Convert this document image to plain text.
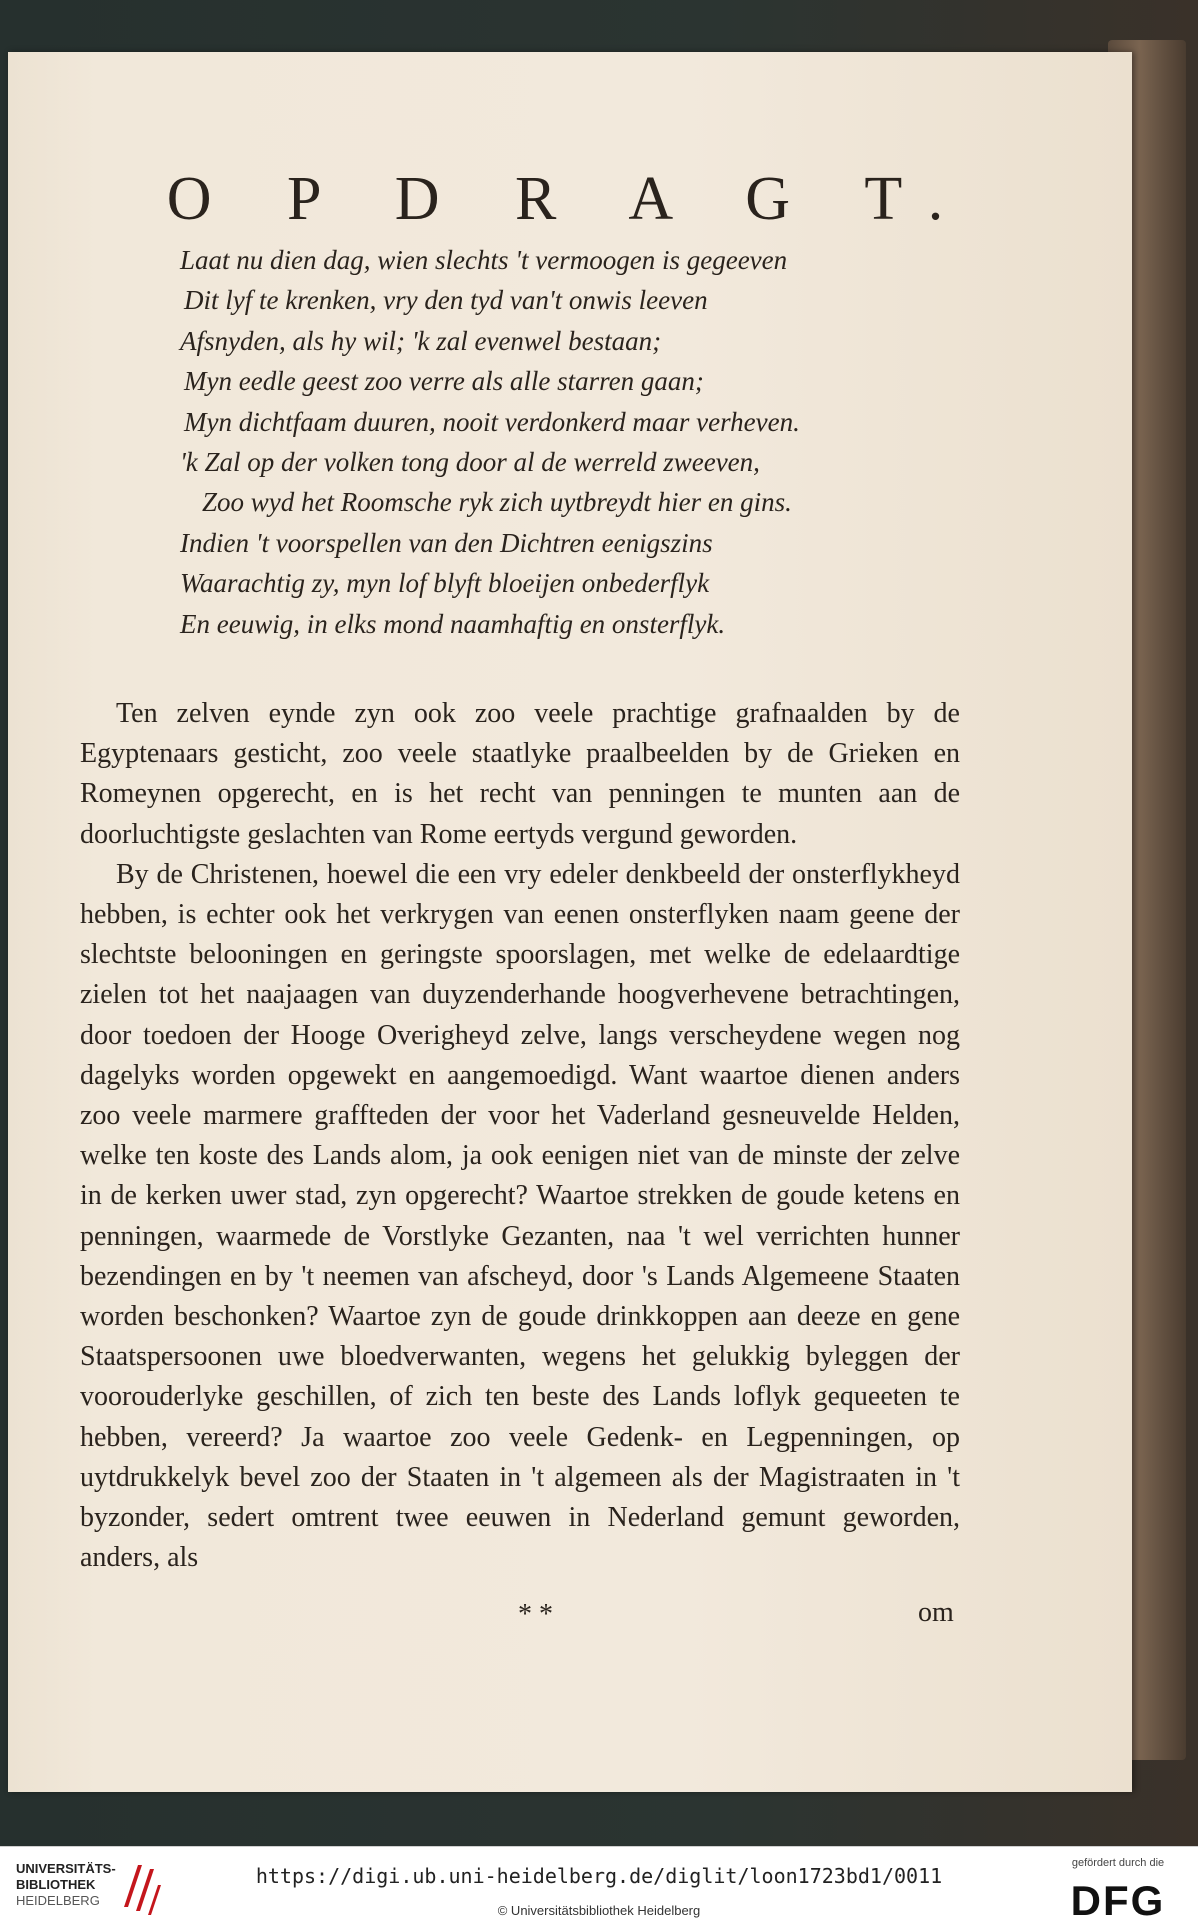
O P D R A G T.
Laat nu dien dag, wien slechts 't vermoogen is gegeeven
Dit lyf te krenken, vry den tyd van't onwis leeven
Afsnyden, als hy wil; 'k zal evenwel bestaan;
Myn eedle geest zoo verre als alle starren gaan;
Myn dichtfaam duuren, nooit verdonkerd maar verheven.
'k Zal op der volken tong door al de werreld zweeven,
Zoo wyd het Roomsche ryk zich uytbreydt hier en gins.
Indien 't voorspellen van den Dichtren eenigszins
Waarachtig zy, myn lof blyft bloeijen onbederflyk
En eeuwig, in elks mond naamhaftig en onsterflyk.

Ten zelven eynde zyn ook zoo veele prachtige grafnaalden by de Egyptenaars gesticht, zoo veele staatlyke praalbeelden by de Grieken en Romeynen opgerecht, en is het recht van penningen te munten aan de doorluchtigste geslachten van Rome eertyds vergund geworden.

By de Christenen, hoewel die een vry edeler denkbeeld der onsterflykheyd hebben, is echter ook het verkrygen van eenen onsterflyken naam geene der slechtste belooningen en geringste spoorslagen, met welke de edelaardtige zielen tot het naajaagen van duyzenderhande hoogverhevene betrachtingen, door toedoen der Hooge Overigheyd zelve, langs verscheydene wegen nog dagelyks worden opgewekt en aangemoedigd. Want waartoe dienen anders zoo veele marmere graffteden der voor het Vaderland gesneuvelde Helden, welke ten koste des Lands alom, ja ook eenigen niet van de minste der zelve in de kerken uwer stad, zyn opgerecht? Waartoe strekken de goude ketens en penningen, waarmede de Vorstlyke Gezanten, naa 't wel verrichten hunner bezendingen en by 't neemen van afscheyd, door 's Lands Algemeene Staaten worden beschonken? Waartoe zyn de goude drinkkoppen aan deeze en gene Staatspersoonen uwe bloedverwanten, wegens het gelukkig byleggen der voorouderlyke geschillen, of zich ten beste des Lands loflyk gequeeten te hebben, vereerd? Ja waartoe zoo veele Gedenk- en Legpenningen, op uytdrukkelyk bevel zoo der Staaten in 't algemeen als der Magistraaten in 't byzonder, sedert omtrent twee eeuwen in Nederland gemunt geworden, anders, als

* *	om
UNIVERSITÄTS-
BIBLIOTHEK
HEIDELBERG
https://digi.ub.uni-heidelberg.de/diglit/loon1723bd1/0011
© Universitätsbibliothek Heidelberg
gefördert durch die
DFG
